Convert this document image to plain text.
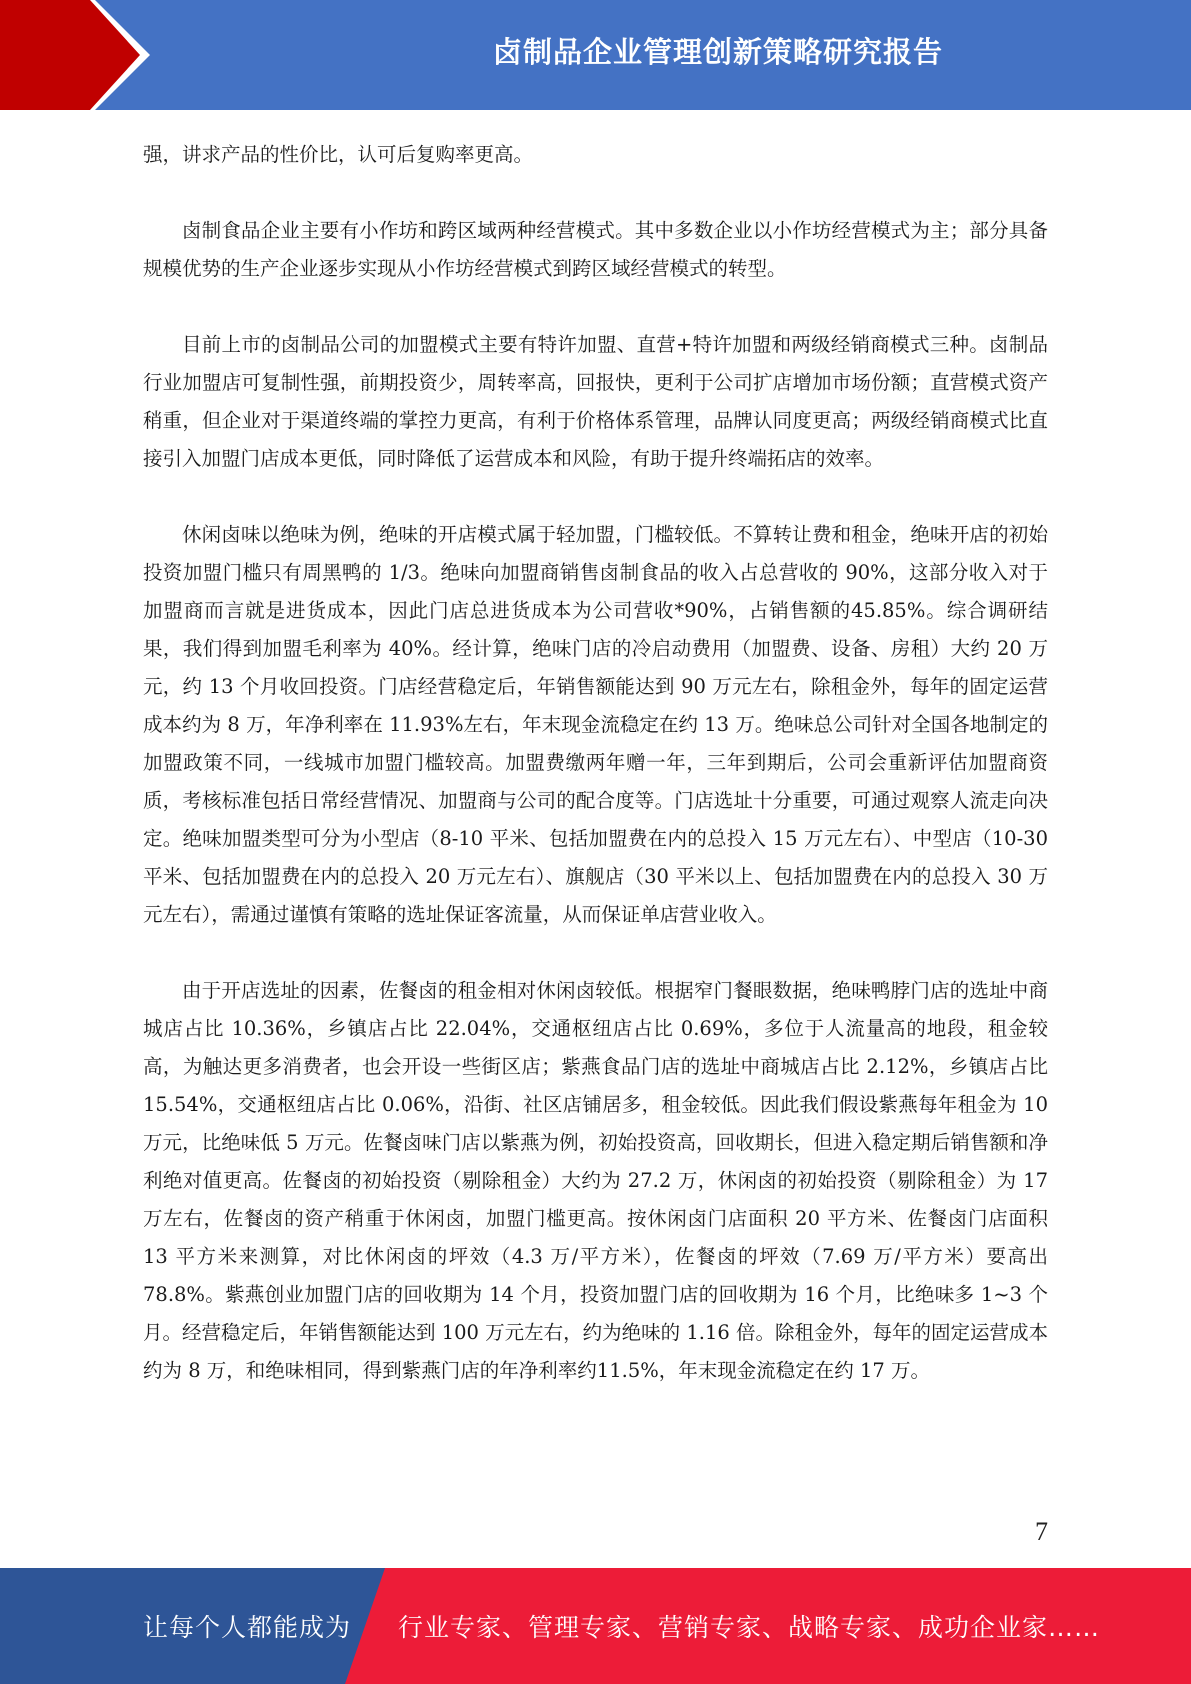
卤制品企业管理创新策略研究报告

强，讲求产品的性价比，认可后复购率更高。

卤制食品企业主要有小作坊和跨区域两种经营模式。其中多数企业以小作坊经营模式为主；部分具备规模优势的生产企业逐步实现从小作坊经营模式到跨区域经营模式的转型。

目前上市的卤制品公司的加盟模式主要有特许加盟、直营+特许加盟和两级经销商模式三种。卤制品行业加盟店可复制性强，前期投资少，周转率高，回报快，更利于公司扩店增加市场份额；直营模式资产稍重，但企业对于渠道终端的掌控力更高，有利于价格体系管理，品牌认同度更高；两级经销商模式比直接引入加盟门店成本更低，同时降低了运营成本和风险，有助于提升终端拓店的效率。

休闲卤味以绝味为例，绝味的开店模式属于轻加盟，门槛较低。不算转让费和租金，绝味开店的初始投资加盟门槛只有周黑鸭的 1/3。绝味向加盟商销售卤制食品的收入占总营收的 90%，这部分收入对于加盟商而言就是进货成本，因此门店总进货成本为公司营收*90%，占销售额的45.85%。综合调研结果，我们得到加盟毛利率为 40%。经计算，绝味门店的冷启动费用（加盟费、设备、房租）大约 20 万元，约 13 个月收回投资。门店经营稳定后，年销售额能达到 90 万元左右，除租金外，每年的固定运营成本约为 8 万，年净利率在 11.93%左右，年末现金流稳定在约 13 万。绝味总公司针对全国各地制定的加盟政策不同，一线城市加盟门槛较高。加盟费缴两年赠一年，三年到期后，公司会重新评估加盟商资质，考核标准包括日常经营情况、加盟商与公司的配合度等。门店选址十分重要，可通过观察人流走向决定。绝味加盟类型可分为小型店（8-10 平米、包括加盟费在内的总投入 15 万元左右）、中型店（10-30 平米、包括加盟费在内的总投入 20 万元左右）、旗舰店（30 平米以上、包括加盟费在内的总投入 30 万元左右），需通过谨慎有策略的选址保证客流量，从而保证单店营业收入。

由于开店选址的因素，佐餐卤的租金相对休闲卤较低。根据窄门餐眼数据，绝味鸭脖门店的选址中商城店占比 10.36%，乡镇店占比 22.04%，交通枢纽店占比 0.69%，多位于人流量高的地段，租金较高，为触达更多消费者，也会开设一些街区店；紫燕食品门店的选址中商城店占比 2.12%，乡镇店占比 15.54%，交通枢纽店占比 0.06%，沿街、社区店铺居多，租金较低。因此我们假设紫燕每年租金为 10 万元，比绝味低 5 万元。佐餐卤味门店以紫燕为例，初始投资高，回收期长，但进入稳定期后销售额和净利绝对值更高。佐餐卤的初始投资（剔除租金）大约为 27.2 万，休闲卤的初始投资（剔除租金）为 17 万左右，佐餐卤的资产稍重于休闲卤，加盟门槛更高。按休闲卤门店面积 20 平方米、佐餐卤门店面积 13 平方米来测算，对比休闲卤的坪效（4.3 万/平方米），佐餐卤的坪效（7.69 万/平方米）要高出 78.8%。紫燕创业加盟门店的回收期为 14 个月，投资加盟门店的回收期为 16 个月，比绝味多 1~3 个月。经营稳定后，年销售额能达到 100 万元左右，约为绝味的 1.16 倍。除租金外，每年的固定运营成本约为 8 万，和绝味相同，得到紫燕门店的年净利率约11.5%，年末现金流稳定在约 17 万。

7
让每个人都能成为 行业专家、管理专家、营销专家、战略专家、成功企业家……
